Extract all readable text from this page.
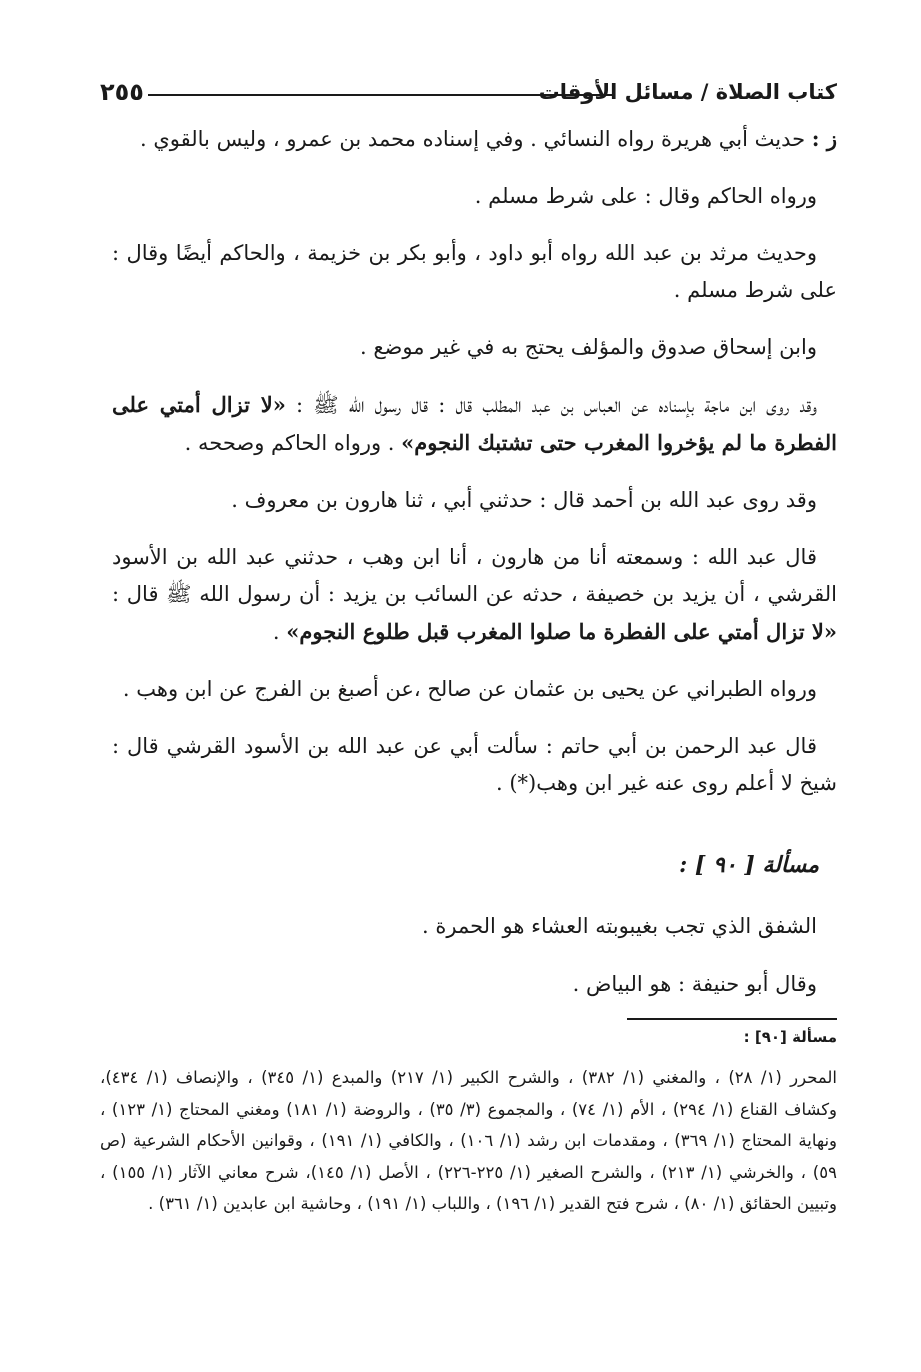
كتاب الصلاة / مسائل الأوقات
٢٥٥

ز : حديث أبي هريرة رواه النسائي . وفي إسناده محمد بن عمرو ، وليس بالقوي .

ورواه الحاكم وقال : على شرط مسلم .

وحديث مرثد بن عبد الله رواه أبو داود ، وأبو بكر بن خزيمة ، والحاكم أيضًا وقال : على شرط مسلم .

وابن إسحاق صدوق والمؤلف يحتج به في غير موضع .

وقد روى ابن ماجة بإسناده عن العباس بن عبد المطلب قال : قال رسول الله ﷺ : «لا تزال أمتي على الفطرة ما لم يؤخروا المغرب حتى تشتبك النجوم» . ورواه الحاكم وصححه .

وقد روى عبد الله بن أحمد قال : حدثني أبي ، ثنا هارون بن معروف .

قال عبد الله : وسمعته أنا من هارون ، أنا ابن وهب ، حدثني عبد الله بن الأسود القرشي ، أن يزيد بن خصيفة ، حدثه عن السائب بن يزيد : أن رسول الله ﷺ قال : «لا تزال أمتي على الفطرة ما صلوا المغرب قبل طلوع النجوم» .

ورواه الطبراني عن يحيى بن عثمان عن صالح ،عن أصبغ بن الفرج عن ابن وهب .

قال عبد الرحمن بن أبي حاتم : سألت أبي عن عبد الله بن الأسود القرشي قال : شيخ لا أعلم روى عنه غير ابن وهب(*) .

مسألة [ ٩٠ ] :

الشفق الذي تجب بغيبوبته العشاء هو الحمرة .

وقال أبو حنيفة : هو البياض .

مسألة [٩٠] :
المحرر (١/ ٢٨) ، والمغني (١/ ٣٨٢) ، والشرح الكبير (١/ ٢١٧) والمبدع (١/ ٣٤٥) ، والإنصاف (١/ ٤٣٤)، وكشاف القناع (١/ ٢٩٤) ، الأم (١/ ٧٤) ، والمجموع (٣/ ٣٥) ، والروضة (١/ ١٨١) ومغني المحتاج (١/ ١٢٣) ، ونهاية المحتاج (١/ ٣٦٩) ، ومقدمات ابن رشد (١/ ١٠٦) ، والكافي (١/ ١٩١) ، وقوانين الأحكام الشرعية (ص ٥٩) ، والخرشي (١/ ٢١٣) ، والشرح الصغير (١/ ٢٢٥-٢٢٦) ، الأصل (١/ ١٤٥)، شرح معاني الآثار (١/ ١٥٥) ، وتبيين الحقائق (١/ ٨٠) ، شرح فتح القدير (١/ ١٩٦) ، واللباب (١/ ١٩١) ، وحاشية ابن عابدين (١/ ٣٦١) .
